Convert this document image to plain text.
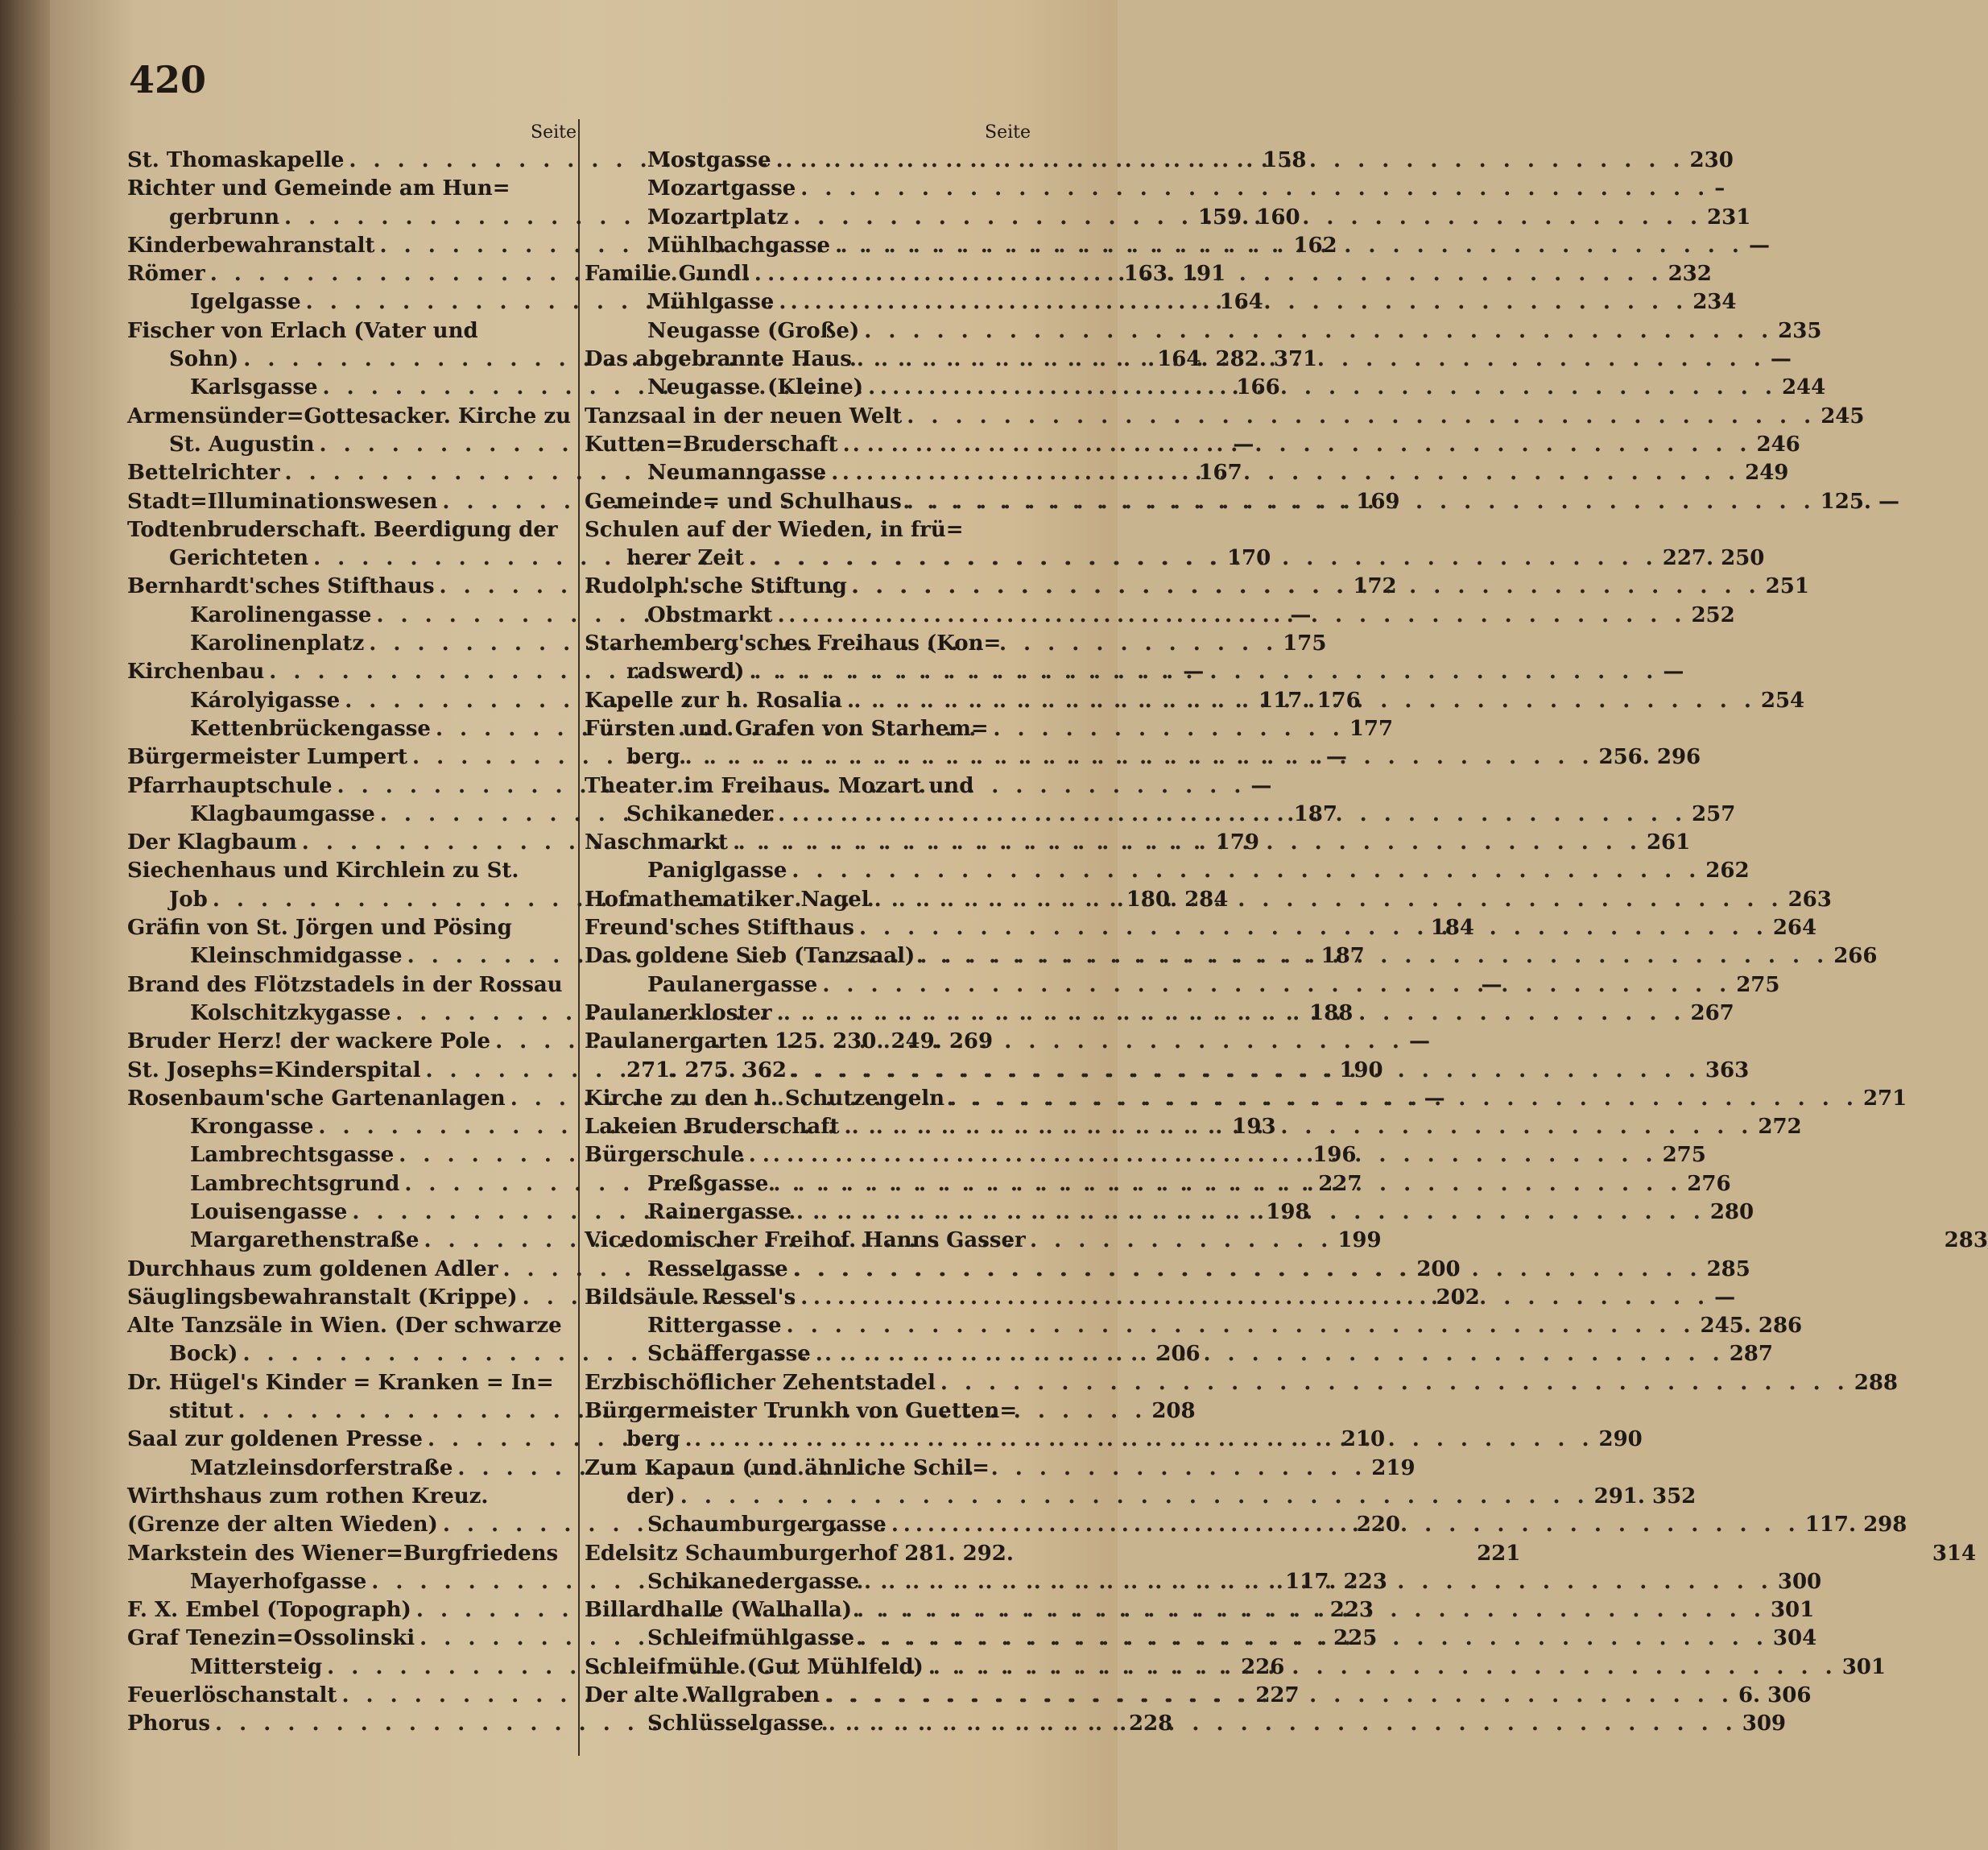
420
Seite
St. Thomaskapelle . . .	158
Richter und Gemeinde am Hun=
gerbrunn . . .	159. 160
Kinderbewahranstalt . . .	162
Römer . . .	163. 191
Igelgasse . . .	164
Fischer von Erlach (Vater und
Sohn) . . .	164. 282. 371
Karlsgasse . . .	166
Armensünder=Gottesacker. Kirche zu
St. Augustin . . .	—
Bettelrichter . . .	167
Stadt=Illuminationswesen . . .	169
Todtenbruderschaft. Beerdigung der
Gerichteten . . .	170
Bernhardt'sches Stifthaus . . .	172
Karolinengasse . . .	—
Karolinenplatz . . .	175
Kirchenbau . . .	—
Károlyigasse . . .	117. 176
Kettenbrückengasse . . .	177
Bürgermeister Lumpert . . .	—
Pfarrhauptschule . . .	—
Klagbaumgasse . . .	187
Der Klagbaum . . .	179
Siechenhaus und Kirchlein zu St.
Job . . .	180. 284
Gräfin von St. Jörgen und Pösing	184
Kleinschmidgasse . . .	187
Brand des Flötzstadels in der Rossau	—
Kolschitzkygasse . . .	188
Bruder Herz! der wackere Pole . . .	—
St. Josephs=Kinderspital . . .	190
Rosenbaum'sche Gartenanlagen . . .	—
Krongasse . . .	193
Lambrechtsgasse . . .	196
Lambrechtsgrund . . .	227
Louisengasse . . .	198
Margarethenstraße . . .	199
Durchhaus zum goldenen Adler . . .	200
Säuglingsbewahranstalt (Krippe) . . .	202
Alte Tanzsäle in Wien. (Der schwarze
Bock) . . .	206
Dr. Hügel's Kinder = Kranken = In=
stitut . . .	208
Saal zur goldenen Presse . . .	210
Matzleinsdorferstraße . . .	219
Wirthshaus zum rothen Kreuz.
(Grenze der alten Wieden) . . .	220
Markstein des Wiener=Burgfriedens	221
Mayerhofgasse . . .	117. 223
F. X. Embel (Topograph) . . .	223
Graf Tenezin=Ossolinski . . .	225
Mittersteig . . .	226
Feuerlöschanstalt . . .	227
Phorus . . .	228
Seite
Mostgasse . . .	230
Mozartgasse . . .	–
Mozartplatz . . .	231
Mühlbachgasse . . .	—
Familie Gundl . . .	232
Mühlgasse . . .	234
Neugasse (Große) . . .	235
Das abgebrannte Haus . . .	—
Neugasse (Kleine) . . .	244
Tanzsaal in der neuen Welt . . .	245
Kutten=Bruderschaft . . .	246
Neumanngasse . . .	249
Gemeinde= und Schulhaus . . .	125. —
Schulen auf der Wieden, in frü=
herer Zeit . . .	227. 250
Rudolph'sche Stiftung . . .	251
Obstmarkt . . .	252
Starhemberg'sches Freihaus (Kon=
radswerd) . . .	—
Kapelle zur h. Rosalia . . .	254
Fürsten und Grafen von Starhem=
berg . . .	256. 296
Theater im Freihaus. Mozart und
Schikaneder . . .	257
Naschmarkt . . .	261
Paniglgasse . . .	262
Hofmathematiker Nagel . . .	263
Freund'sches Stifthaus . . .	264
Das goldene Sieb (Tanzsaal) . . .	266
Paulanergasse . . .	275
Paulanerkloster . . .	267
Paulanergarten 125. 230. 249. 269
271. 275. 362 . . .	363
Kirche zu den h. Schutzengeln . . .	271
Lakeien Bruderschaft . . .	272
Bürgerschule . . .	275
Preßgasse . . .	276
Rainergasse . . .	280
Vicedomischer Freihof. Hanns Gasser	283
Resselgasse . . .	285
Bildsäule Ressel's . . .	—
Rittergasse . . .	245. 286
Schäffergasse . . .	287
Erzbischöflicher Zehentstadel . . .	288
Bürgermeister Trunkh von Guetten=
berg . . .	290
Zum Kapaun (und ähnliche Schil=
der) . . .	291. 352
Schaumburgergasse . . .	117. 298
Edelsitz Schaumburgerhof 281. 292.	314
Schikanedergasse . . .	300
Billardhalle (Walhalla) . . .	301
Schleifmühlgasse . . .	304
Schleifmühle (Gut Mühlfeld) . . .	301
Der alte Wallgraben . . .	6. 306
Schlüsselgasse . . .	309
